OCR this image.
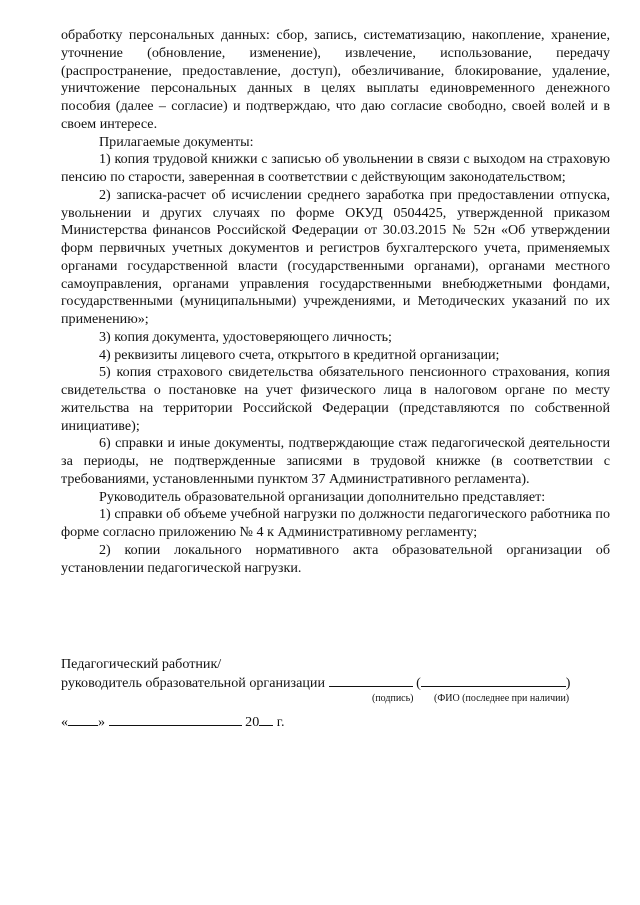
обработку персональных данных: сбор, запись, систематизацию, накопление, хранение, уточнение (обновление, изменение), извлечение, использование, передачу (распространение, предоставление, доступ), обезличивание, блокирование, удаление, уничтожение персональных данных в целях выплаты единовременного денежного пособия (далее – согласие) и подтверждаю, что даю согласие свободно, своей волей и в своем интересе.

Прилагаемые документы:

1) копия трудовой книжки с записью об увольнении в связи с выходом на страховую пенсию по старости, заверенная в соответствии с действующим законодательством;

2) записка-расчет об исчислении среднего заработка при предоставлении отпуска, увольнении и других случаях по форме ОКУД 0504425, утвержденной приказом Министерства финансов Российской Федерации от 30.03.2015 № 52н «Об утверждении форм первичных учетных документов и регистров бухгалтерского учета, применяемых органами государственной власти (государственными органами), органами местного самоуправления, органами управления государственными внебюджетными фондами, государственными (муниципальными) учреждениями, и Методических указаний по их применению»;

3) копия документа, удостоверяющего личность;

4) реквизиты лицевого счета, открытого в кредитной организации;

5) копия страхового свидетельства обязательного пенсионного страхования, копия свидетельства о постановке на учет физического лица в налоговом органе по месту жительства на территории Российской Федерации (представляются по собственной инициативе);

6) справки и иные документы, подтверждающие стаж педагогической деятельности за периоды, не подтвержденные записями в трудовой книжке (в соответствии с требованиями, установленными пунктом 37 Административного регламента).

Руководитель образовательной организации дополнительно представляет:

1) справки об объеме учебной нагрузки по должности педагогического работника по форме согласно приложению № 4 к Административному регламенту;

2) копии локального нормативного акта образовательной организации об установлении педагогической нагрузки.

Педагогический работник/
руководитель образовательной организации	(	)
(подпись) (ФИО (последнее при наличии)
« »	20 г.
